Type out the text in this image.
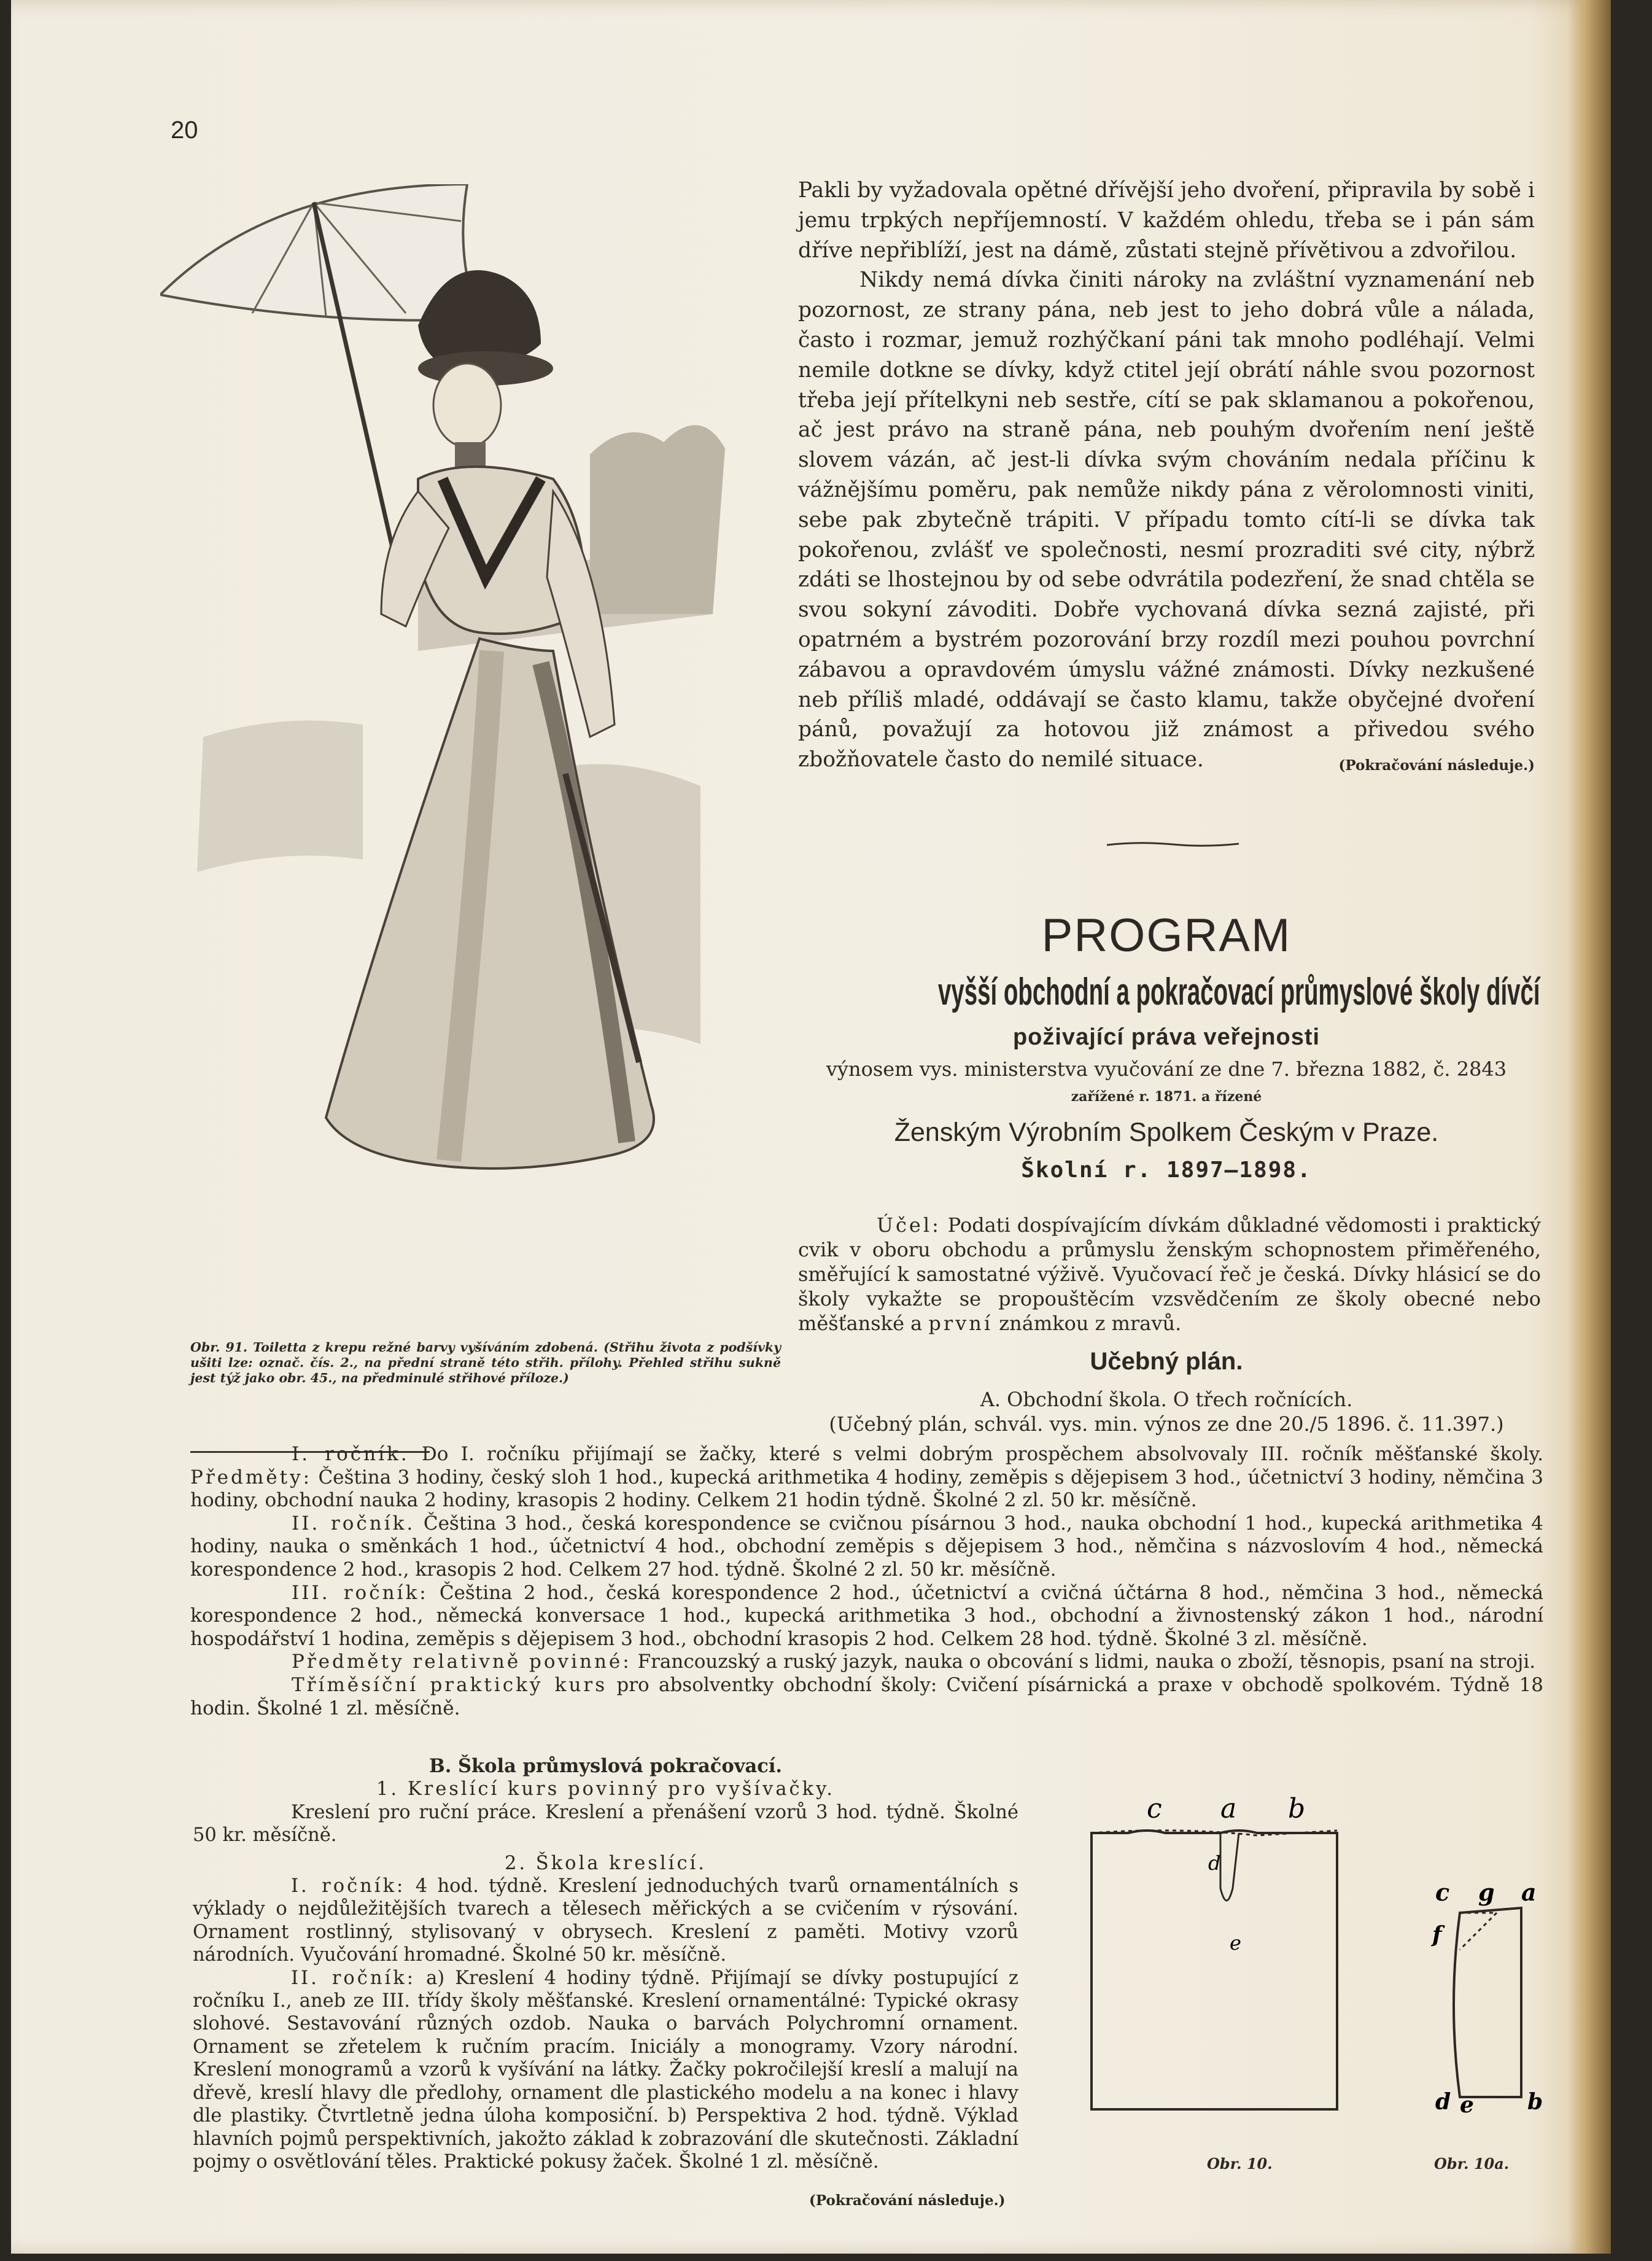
20

Pakli by vyžadovala opětné dřívější jeho dvoření, připravila by sobě i jemu trpkých nepříjemností. V každém ohledu, třeba se i pán sám dříve nepřiblíží, jest na dámě, zůstati stejně přívětivou a zdvořilou.

Nikdy nemá dívka činiti nároky na zvláštní vyznamenání neb pozornost, ze strany pána, neb jest to jeho dobrá vůle a nálada, často i rozmar, jemuž rozhýčkaní páni tak mnoho podléhají. Velmi nemile dotkne se dívky, když ctitel její obrátí náhle svou pozornost třeba její přítelkyni neb sestře, cítí se pak sklamanou a pokořenou, ač jest právo na straně pána, neb pouhým dvořením není ještě slovem vázán, ač jest-li dívka svým chováním nedala příčinu k vážnějšímu poměru, pak nemůže nikdy pána z věrolomnosti viniti, sebe pak zbytečně trápiti. V případu tomto cítí-li se dívka tak pokořenou, zvlášť ve společnosti, nesmí prozraditi své city, nýbrž zdáti se lhostejnou by od sebe odvrátila podezření, že snad chtěla se svou sokyní závoditi. Dobře vychovaná dívka sezná zajisté, při opatrném a bystrém pozorování brzy rozdíl mezi pouhou povrchní zábavou a opravdovém úmyslu vážné známosti. Dívky nezkušené neb příliš mladé, oddávají se často klamu, takže obyčejné dvoření pánů, považují za hotovou již známost a přivedou svého zbožňovatele často do nemilé situace.	(Pokračování následuje.)

PROGRAM
vyšší obchodní a pokračovací průmyslové školy dívčí
poživající práva veřejnosti
výnosem vys. ministerstva vyučování ze dne 7. března 1882, č. 2843
zařížené r. 1871. a řízené
Ženským Výrobním Spolkem Českým v Praze.
Školní r. 1897—1898.
Účel: Podati dospívajícím dívkám důkladné vědomosti i praktický cvik v oboru obchodu a průmyslu ženským schopnostem přiměřeného, směřující k samostatné výživě. Vyučovací řeč je česká. Dívky hlásicí se do školy vykažte se propouštěcím vzsvědčením ze školy obecné nebo měšťanské a první známkou z mravů.
Učebný plán.
A. Obchodní škola. O třech ročnících.
(Učebný plán, schvál. vys. min. výnos ze dne 20./5 1896. č. 11.397.)
Obr. 91. Toiletta z krepu režné barvy vyšíváním zdobená. (Střihu života z podšívky ušiti lze: označ. čís. 2., na přední straně této střih. přílohy. Přehled střihu sukně jest týž jako obr. 45., na předminulé střihové příloze.)

I. ročník. Do I. ročníku přijímají se žačky, které s velmi dobrým prospěchem absolvovaly III. ročník měšťanské školy. Předměty: Čeština 3 hodiny, český sloh 1 hod., kupecká arithmetika 4 hodiny, zeměpis s dějepisem 3 hod., účetnictví 3 hodiny, němčina 3 hodiny, obchodní nauka 2 hodiny, krasopis 2 hodiny. Celkem 21 hodin týdně. Školné 2 zl. 50 kr. měsíčně.

II. ročník. Čeština 3 hod., česká korespondence se cvičnou písárnou 3 hod., nauka obchodní 1 hod., kupecká arithmetika 4 hodiny, nauka o směnkách 1 hod., účetnictví 4 hod., obchodní zeměpis s dějepisem 3 hod., němčina s názvoslovím 4 hod., německá korespondence 2 hod., krasopis 2 hod. Celkem 27 hod. týdně. Školné 2 zl. 50 kr. měsíčně.

III. ročník: Čeština 2 hod., česká korespondence 2 hod., účetnictví a cvičná účtárna 8 hod., němčina 3 hod., německá korespondence 2 hod., německá konversace 1 hod., kupecká arithmetika 3 hod., obchodní a živnostenský zákon 1 hod., národní hospodářství 1 hodina, zeměpis s dějepisem 3 hod., obchodní krasopis 2 hod. Celkem 28 hod. týdně. Školné 3 zl. měsíčně.

Předměty relativně povinné: Francouzský a ruský jazyk, nauka o obcování s lidmi, nauka o zboží, těsnopis, psaní na stroji.

Tříměsíční praktický kurs pro absolventky obchodní školy: Cvičení písárnická a praxe v obchodě spolkovém. Týdně 18 hodin. Školné 1 zl. měsíčně.

B. Škola průmyslová pokračovací.

1. Kreslící kurs povinný pro vyšívačky.

Kreslení pro ruční práce. Kreslení a přenášení vzorů 3 hod. týdně. Školné 50 kr. měsíčně.

2. Škola kreslící.

I. ročník: 4 hod. týdně. Kreslení jednoduchých tvarů ornamentálních s výklady o nejdůležitějších tvarech a tělesech měřických a se cvičením v rýsování. Ornament rostlinný, stylisovaný v obrysech. Kreslení z paměti. Motivy vzorů národních. Vyučování hromadné. Školné 50 kr. měsíčně.

II. ročník: a) Kreslení 4 hodiny týdně. Přijímají se dívky postupující z ročníku I., aneb ze III. třídy školy měšťanské. Kreslení ornamentálné: Typické okrasy slohové. Sestavování různých ozdob. Nauka o barvách Polychromní ornament. Ornament se zřetelem k ručním pracím. Iniciály a monogramy. Vzory národní. Kreslení monogramů a vzorů k vyšívání na látky. Žačky pokročilejší kreslí a malují na dřevě, kreslí hlavy dle předlohy, ornament dle plastického modelu a na konec i hlavy dle plastiky. Čtvrtletně jedna úloha komposiční. b) Perspektiva 2 hod. týdně. Výklad hlavních pojmů perspektivních, jakožto základ k zobrazování dle skutečnosti. Základní pojmy o osvětlování těles. Praktické pokusy žaček. Školné 1 zl. měsíčně.

c a b
d
e
c g a
f
d e b
Obr. 10.	Obr. 10a.
(Pokračování následuje.)
